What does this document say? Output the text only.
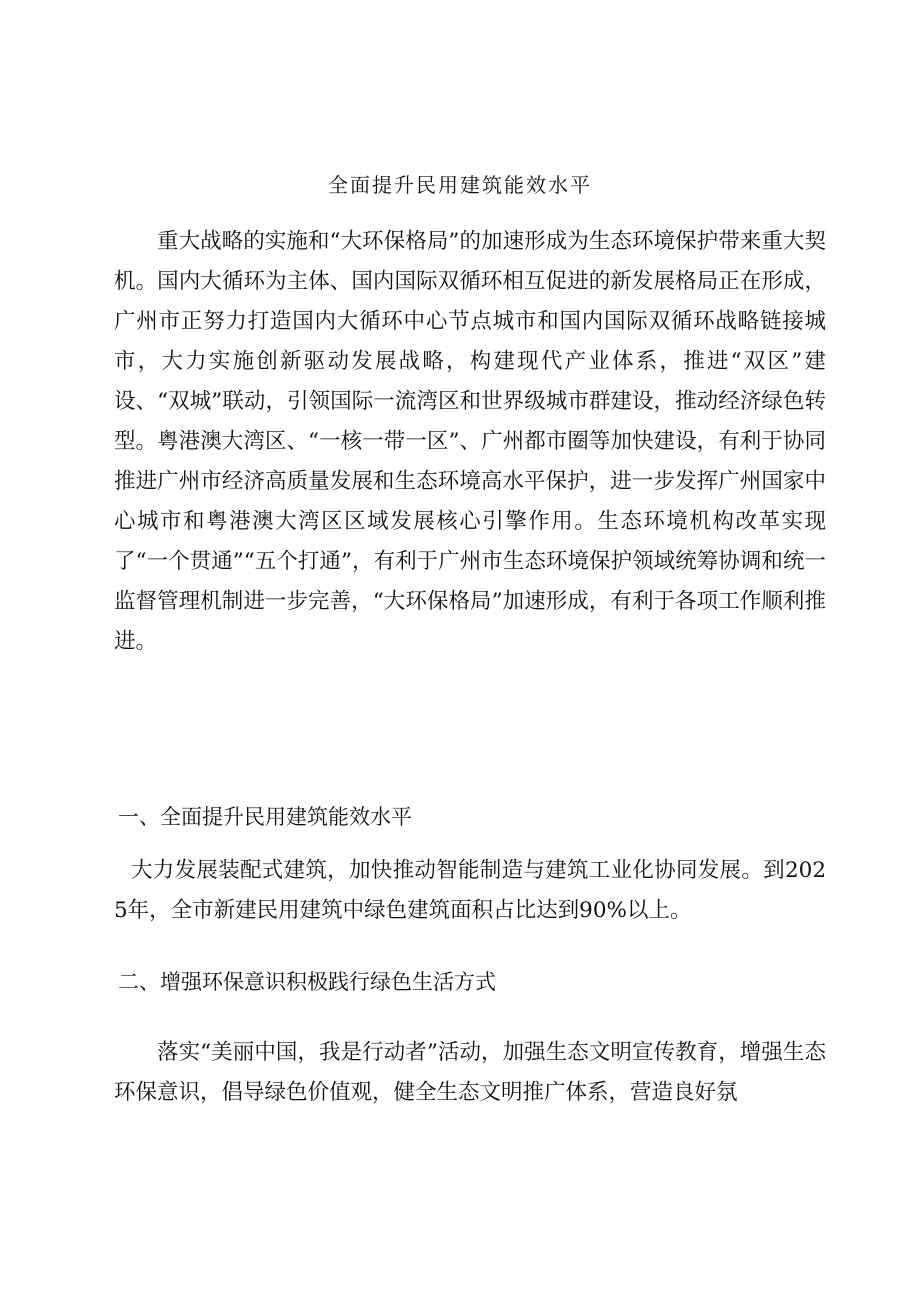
全面提升民用建筑能效水平

重大战略的实施和“大环保格局”的加速形成为生态环境保护带来重大契机。国内大循环为主体、国内国际双循环相互促进的新发展格局正在形成，广州市正努力打造国内大循环中心节点城市和国内国际双循环战略链接城市，大力实施创新驱动发展战略，构建现代产业体系，推进“双区”建设、“双城”联动，引领国际一流湾区和世界级城市群建设，推动经济绿色转型。粤港澳大湾区、“一核一带一区”、广州都市圈等加快建设，有利于协同推进广州市经济高质量发展和生态环境高水平保护，进一步发挥广州国家中心城市和粤港澳大湾区区域发展核心引擎作用。生态环境机构改革实现了“一个贯通”“五个打通”，有利于广州市生态环境保护领域统筹协调和统一监督管理机制进一步完善，“大环保格局”加速形成，有利于各项工作顺利推进。

一、全面提升民用建筑能效水平

大力发展装配式建筑，加快推动智能制造与建筑工业化协同发展。到2025年，全市新建民用建筑中绿色建筑面积占比达到90%以上。

二、增强环保意识积极践行绿色生活方式

落实“美丽中国，我是行动者”活动，加强生态文明宣传教育，增强生态环保意识，倡导绿色价值观，健全生态文明推广体系，营造良好氛
